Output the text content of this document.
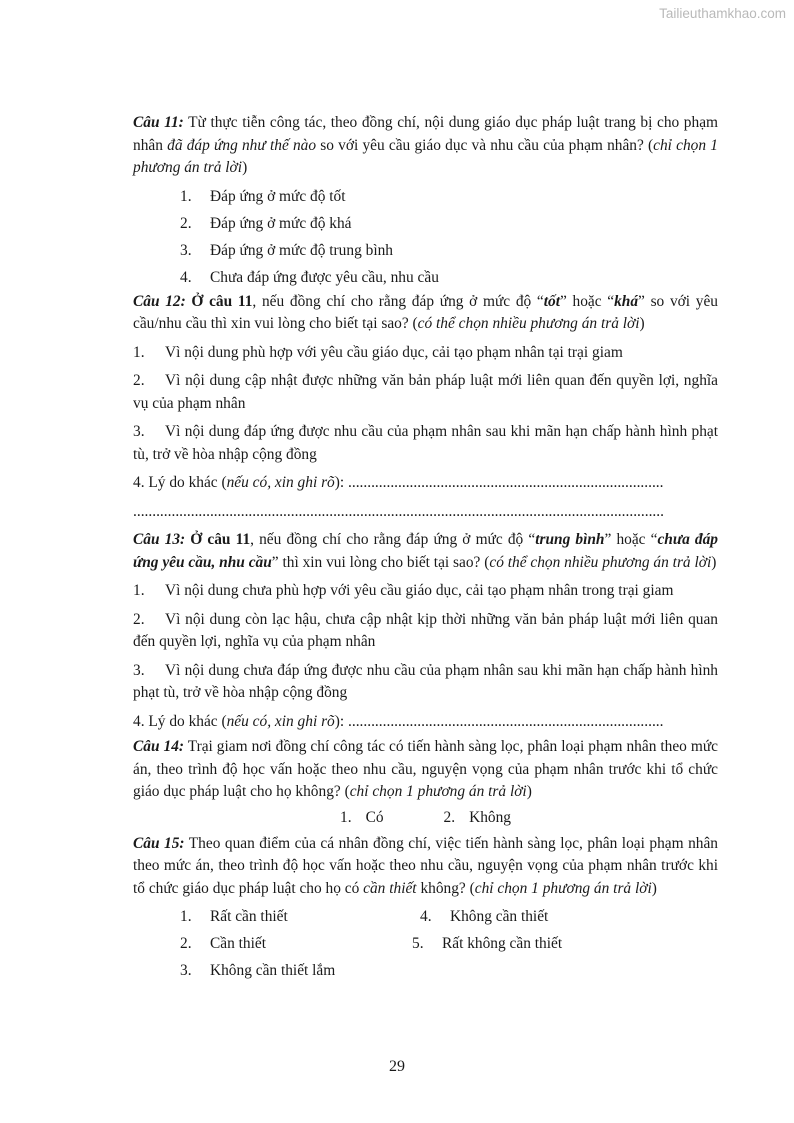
Tailieuthamkhao.com

Câu 11: Từ thực tiễn công tác, theo đồng chí, nội dung giáo dục pháp luật trang bị cho phạm nhân đã đáp ứng như thế nào so với yêu cầu giáo dục và nhu cầu của phạm nhân? (chỉ chọn 1 phương án trả lời)

1.	Đáp ứng ở mức độ tốt
2.	Đáp ứng ở mức độ khá
3.	Đáp ứng ở mức độ trung bình
4.	Chưa đáp ứng được yêu cầu, nhu cầu

Câu 12: Ở câu 11, nếu đồng chí cho rằng đáp ứng ở mức độ “tốt” hoặc “khá” so với yêu cầu/nhu cầu thì xin vui lòng cho biết tại sao? (có thể chọn nhiều phương án trả lời)

1. Vì nội dung phù hợp với yêu cầu giáo dục, cải tạo phạm nhân tại trại giam

2. Vì nội dung cập nhật được những văn bản pháp luật mới liên quan đến quyền lợi, nghĩa vụ của phạm nhân

3. Vì nội dung đáp ứng được nhu cầu của phạm nhân sau khi mãn hạn chấp hành hình phạt tù, trở về hòa nhập cộng đồng

4. Lý do khác (nếu có, xin ghi rõ): ..................................................................................

..........................................................................................................................................

Câu 13: Ở câu 11, nếu đồng chí cho rằng đáp ứng ở mức độ “trung bình” hoặc “chưa đáp ứng yêu cầu, nhu cầu” thì xin vui lòng cho biết tại sao? (có thể chọn nhiều phương án trả lời)

1. Vì nội dung chưa phù hợp với yêu cầu giáo dục, cải tạo phạm nhân trong trại giam

2. Vì nội dung còn lạc hậu, chưa cập nhật kịp thời những văn bản pháp luật mới liên quan đến quyền lợi, nghĩa vụ của phạm nhân

3. Vì nội dung chưa đáp ứng được nhu cầu của phạm nhân sau khi mãn hạn chấp hành hình phạt tù, trở về hòa nhập cộng đồng

4. Lý do khác (nếu có, xin ghi rõ): ..................................................................................

Câu 14: Trại giam nơi đồng chí công tác có tiến hành sàng lọc, phân loại phạm nhân theo mức án, theo trình độ học vấn hoặc theo nhu cầu, nguyện vọng của phạm nhân trước khi tổ chức giáo dục pháp luật cho họ không? (chỉ chọn 1 phương án trả lời)

1. Có	2. Không

Câu 15: Theo quan điểm của cá nhân đồng chí, việc tiến hành sàng lọc, phân loại phạm nhân theo mức án, theo trình độ học vấn hoặc theo nhu cầu, nguyện vọng của phạm nhân trước khi tổ chức giáo dục pháp luật cho họ có cần thiết không? (chỉ chọn 1 phương án trả lời)

1.	Rất cần thiết	4.	Không cần thiết
2.	Cần thiết	5.	Rất không cần thiết
3.	Không cần thiết lắm
29
